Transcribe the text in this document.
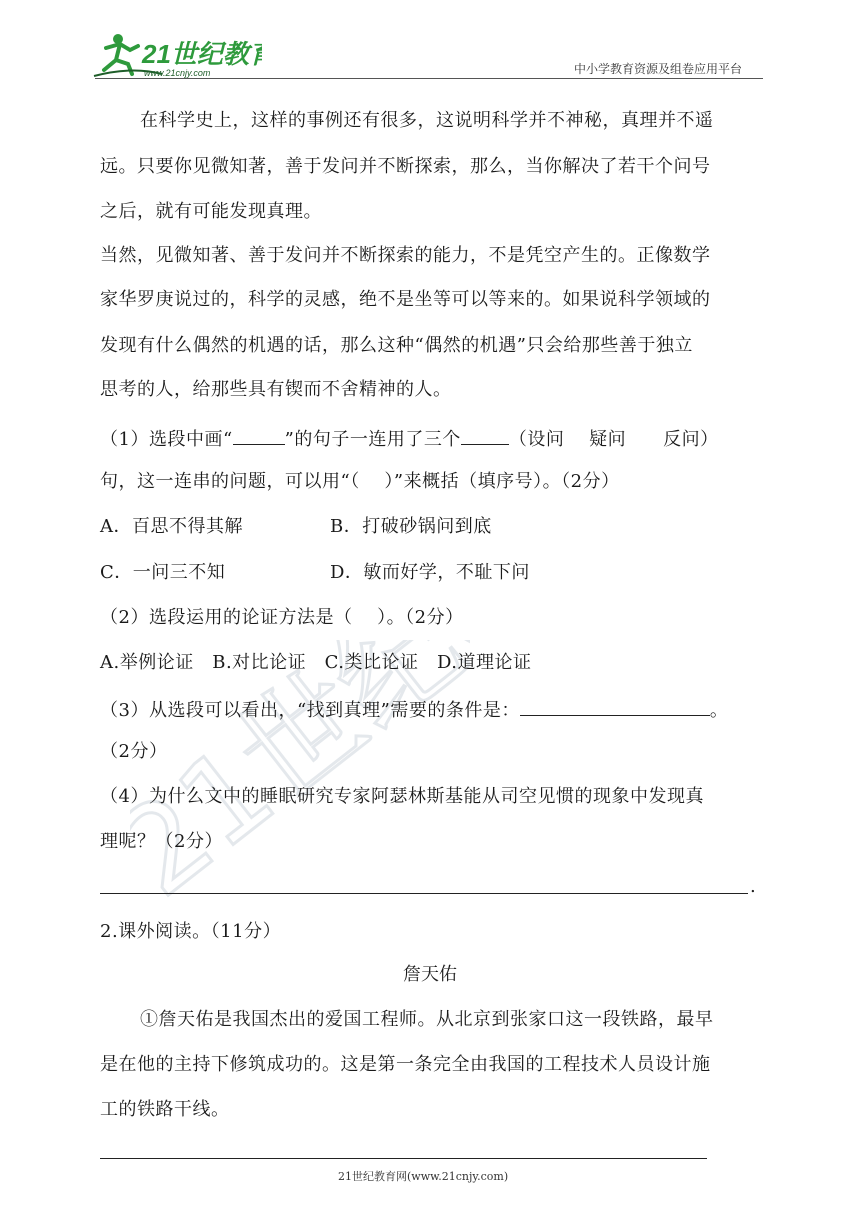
21世纪教育
www.21cnjy.com	中小学教育资源及组卷应用平台
21世纪教
在科学史上，这样的事例还有很多，这说明科学并不神秘，真理并不遥
远。只要你见微知著，善于发问并不断探索，那么，当你解决了若干个问号
之后，就有可能发现真理。
当然，见微知著、善于发问并不断探索的能力，不是凭空产生的。正像数学
家华罗庚说过的，科学的灵感，绝不是坐等可以等来的。如果说科学领域的
发现有什么偶然的机遇的话，那么这种“偶然的机遇”只会给那些善于独立
思考的人，给那些具有锲而不舍精神的人。
（1）选段中画“	”的句子一连用了三个	（设问　 疑问　　反问）
句，这一连串的问题，可以用“（　 ）”来概括（填序号）。（2分）
A．百思不得其解	B．打破砂锅问到底
C．一问三不知	D．敏而好学，不耻下问
（2）选段运用的论证方法是（　 ）。（2分）
A.举例论证　B.对比论证　C.类比论证　D.道理论证
（3）从选段可以看出，“找到真理”需要的条件是：	。
（2分）
（4）为什么文中的睡眠研究专家阿瑟林斯基能从司空见惯的现象中发现真
理呢？（2分）
.
2.课外阅读。（11分）
詹天佑
①詹天佑是我国杰出的爱国工程师。从北京到张家口这一段铁路，最早
是在他的主持下修筑成功的。这是第一条完全由我国的工程技术人员设计施
工的铁路干线。
21世纪教育网(www.21cnjy.com)
